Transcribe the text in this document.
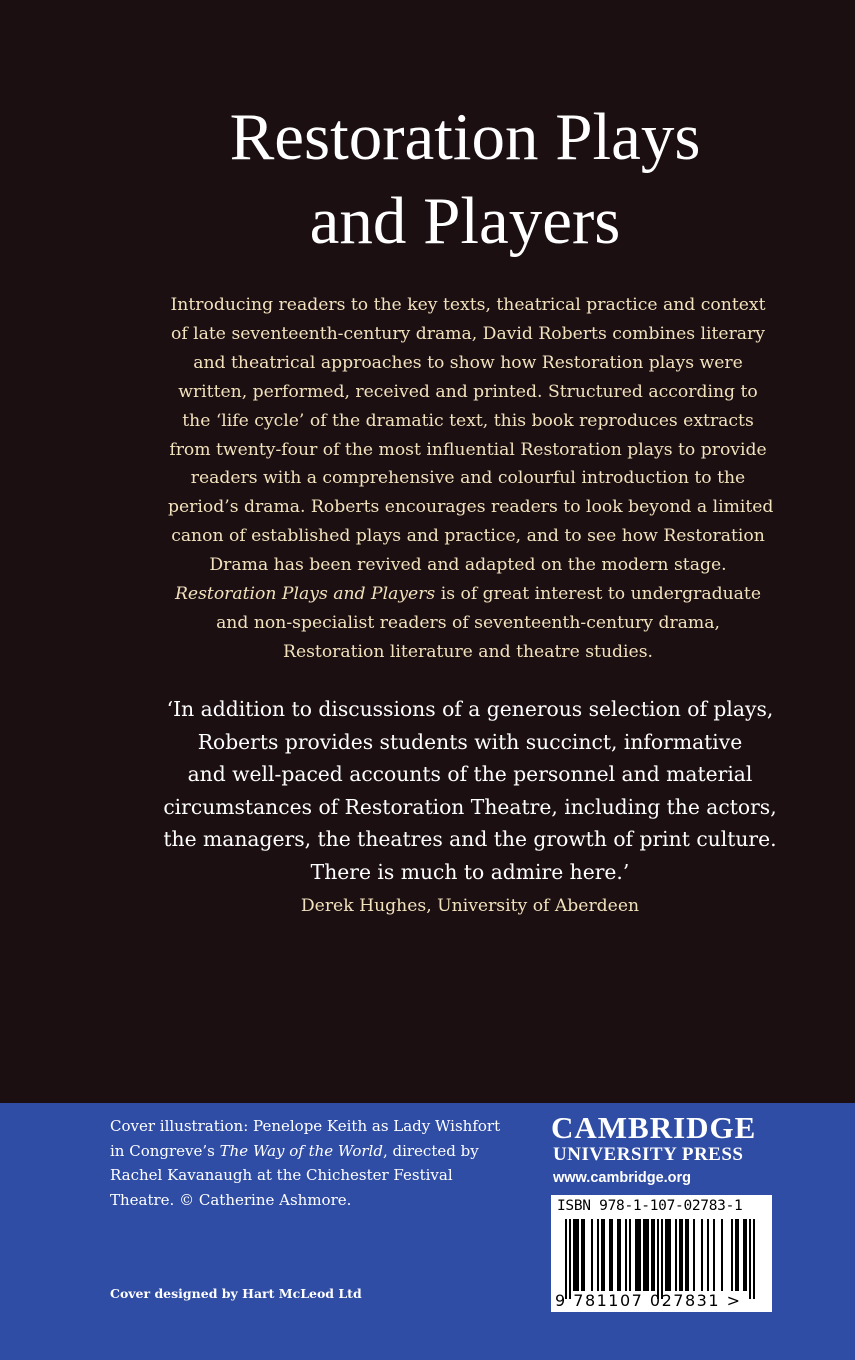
Restoration Plays
and Players

Introducing readers to the key texts, theatrical practice and context
of late seventeenth-century drama, David Roberts combines literary
and theatrical approaches to show how Restoration plays were
written, performed, received and printed. Structured according to
the ‘life cycle’ of the dramatic text, this book reproduces extracts
from twenty-four of the most influential Restoration plays to provide
readers with a comprehensive and colourful introduction to the
period’s drama. Roberts encourages readers to look beyond a limited
canon of established plays and practice, and to see how Restoration
Drama has been revived and adapted on the modern stage.
Restoration Plays and Players is of great interest to undergraduate
and non-specialist readers of seventeenth-century drama,
Restoration literature and theatre studies.

‘In addition to discussions of a generous selection of plays,
Roberts provides students with succinct, informative
and well-paced accounts of the personnel and material
circumstances of Restoration Theatre, including the actors,
the managers, the theatres and the growth of print culture.
There is much to admire here.’

Derek Hughes, University of Aberdeen

Cover illustration: Penelope Keith as Lady Wishfort
in Congreve’s The Way of the World, directed by
Rachel Kavanaugh at the Chichester Festival
Theatre. © Catherine Ashmore.

Cover designed by Hart McLeod Ltd
CAMBRIDGE
UNIVERSITY PRESS
www.cambridge.org
ISBN 978-1-107-02783-1
9 781107 027831 >
